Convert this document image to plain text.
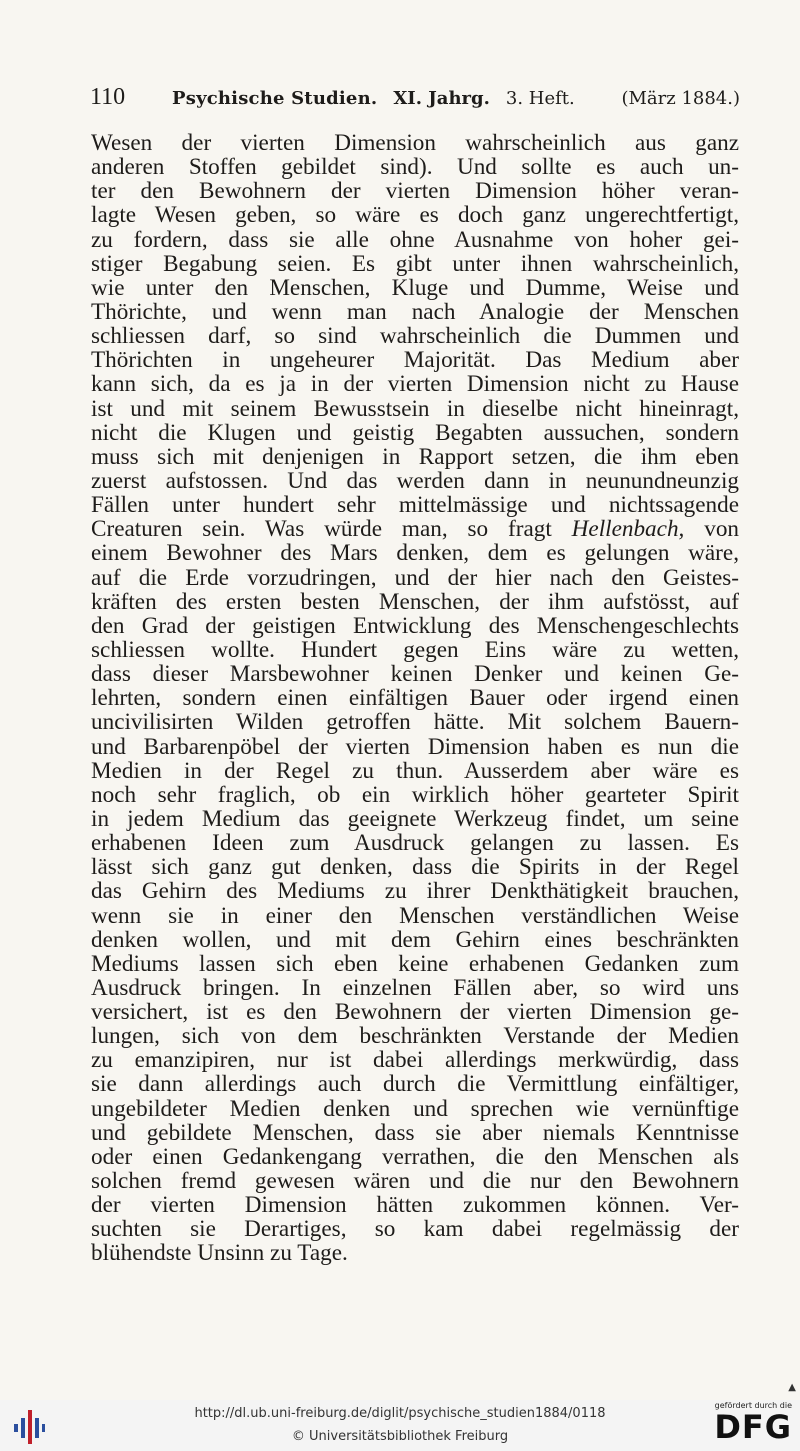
110	Psychische Studien. XI. Jahrg. 3. Heft.	(März 1884.)
Wesen der vierten Dimension wahrscheinlich aus ganz
anderen Stoffen gebildet sind). Und sollte es auch un-
ter den Bewohnern der vierten Dimension höher veran-
lagte Wesen geben, so wäre es doch ganz ungerechtfertigt,
zu fordern, dass sie alle ohne Ausnahme von hoher gei-
stiger Begabung seien. Es gibt unter ihnen wahrscheinlich,
wie unter den Menschen, Kluge und Dumme, Weise und
Thörichte, und wenn man nach Analogie der Menschen
schliessen darf, so sind wahrscheinlich die Dummen und
Thörichten in ungeheurer Majorität. Das Medium aber
kann sich, da es ja in der vierten Dimension nicht zu Hause
ist und mit seinem Bewusstsein in dieselbe nicht hineinragt,
nicht die Klugen und geistig Begabten aussuchen, sondern
muss sich mit denjenigen in Rapport setzen, die ihm eben
zuerst aufstossen. Und das werden dann in neunundneunzig
Fällen unter hundert sehr mittelmässige und nichtssagende
Creaturen sein. Was würde man, so fragt Hellenbach, von
einem Bewohner des Mars denken, dem es gelungen wäre,
auf die Erde vorzudringen, und der hier nach den Geistes-
kräften des ersten besten Menschen, der ihm aufstösst, auf
den Grad der geistigen Entwicklung des Menschengeschlechts
schliessen wollte. Hundert gegen Eins wäre zu wetten,
dass dieser Marsbewohner keinen Denker und keinen Ge-
lehrten, sondern einen einfältigen Bauer oder irgend einen
uncivilisirten Wilden getroffen hätte. Mit solchem Bauern-
und Barbarenpöbel der vierten Dimension haben es nun die
Medien in der Regel zu thun. Ausserdem aber wäre es
noch sehr fraglich, ob ein wirklich höher gearteter Spirit
in jedem Medium das geeignete Werkzeug findet, um seine
erhabenen Ideen zum Ausdruck gelangen zu lassen. Es
lässt sich ganz gut denken, dass die Spirits in der Regel
das Gehirn des Mediums zu ihrer Denkthätigkeit brauchen,
wenn sie in einer den Menschen verständlichen Weise
denken wollen, und mit dem Gehirn eines beschränkten
Mediums lassen sich eben keine erhabenen Gedanken zum
Ausdruck bringen. In einzelnen Fällen aber, so wird uns
versichert, ist es den Bewohnern der vierten Dimension ge-
lungen, sich von dem beschränkten Verstande der Medien
zu emanzipiren, nur ist dabei allerdings merkwürdig, dass
sie dann allerdings auch durch die Vermittlung einfältiger,
ungebildeter Medien denken und sprechen wie vernünftige
und gebildete Menschen, dass sie aber niemals Kenntnisse
oder einen Gedankengang verrathen, die den Menschen als
solchen fremd gewesen wären und die nur den Bewohnern
der vierten Dimension hätten zukommen können. Ver-
suchten sie Derartiges, so kam dabei regelmässig der
blühendste Unsinn zu Tage.
▲
http://dl.ub.uni-freiburg.de/diglit/psychische_studien1884/0118
© Universitätsbibliothek Freiburg
gefördert durch die
DFG
